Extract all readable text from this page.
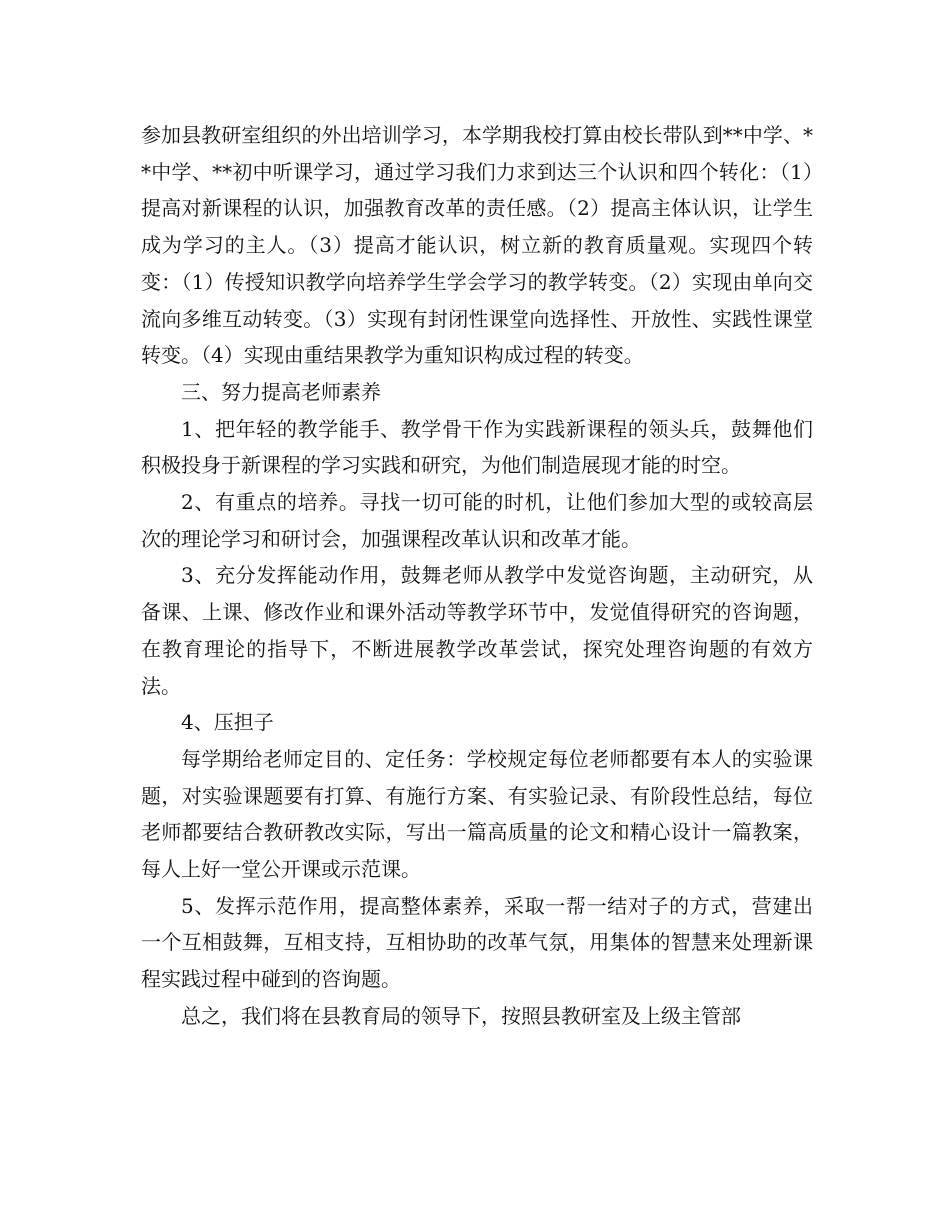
参加县教研室组织的外出培训学习，本学期我校打算由校长带队到**中学、**中学、**初中听课学习，通过学习我们力求到达三个认识和四个转化：（1）提高对新课程的认识，加强教育改革的责任感。（2）提高主体认识，让学生成为学习的主人。（3）提高才能认识，树立新的教育质量观。实现四个转变：（1）传授知识教学向培养学生学会学习的教学转变。（2）实现由单向交流向多维互动转变。（3）实现有封闭性课堂向选择性、开放性、实践性课堂转变。（4）实现由重结果教学为重知识构成过程的转变。

三、努力提高老师素养

1、把年轻的教学能手、教学骨干作为实践新课程的领头兵，鼓舞他们积极投身于新课程的学习实践和研究，为他们制造展现才能的时空。

2、有重点的培养。寻找一切可能的时机，让他们参加大型的或较高层次的理论学习和研讨会，加强课程改革认识和改革才能。

3、充分发挥能动作用，鼓舞老师从教学中发觉咨询题，主动研究，从备课、上课、修改作业和课外活动等教学环节中，发觉值得研究的咨询题，在教育理论的指导下，不断进展教学改革尝试，探究处理咨询题的有效方法。

4、压担子

每学期给老师定目的、定任务：学校规定每位老师都要有本人的实验课题，对实验课题要有打算、有施行方案、有实验记录、有阶段性总结，每位老师都要结合教研教改实际，写出一篇高质量的论文和精心设计一篇教案，每人上好一堂公开课或示范课。

5、发挥示范作用，提高整体素养，采取一帮一结对子的方式，营建出一个互相鼓舞，互相支持，互相协助的改革气氛，用集体的智慧来处理新课程实践过程中碰到的咨询题。

总之，我们将在县教育局的领导下，按照县教研室及上级主管部
